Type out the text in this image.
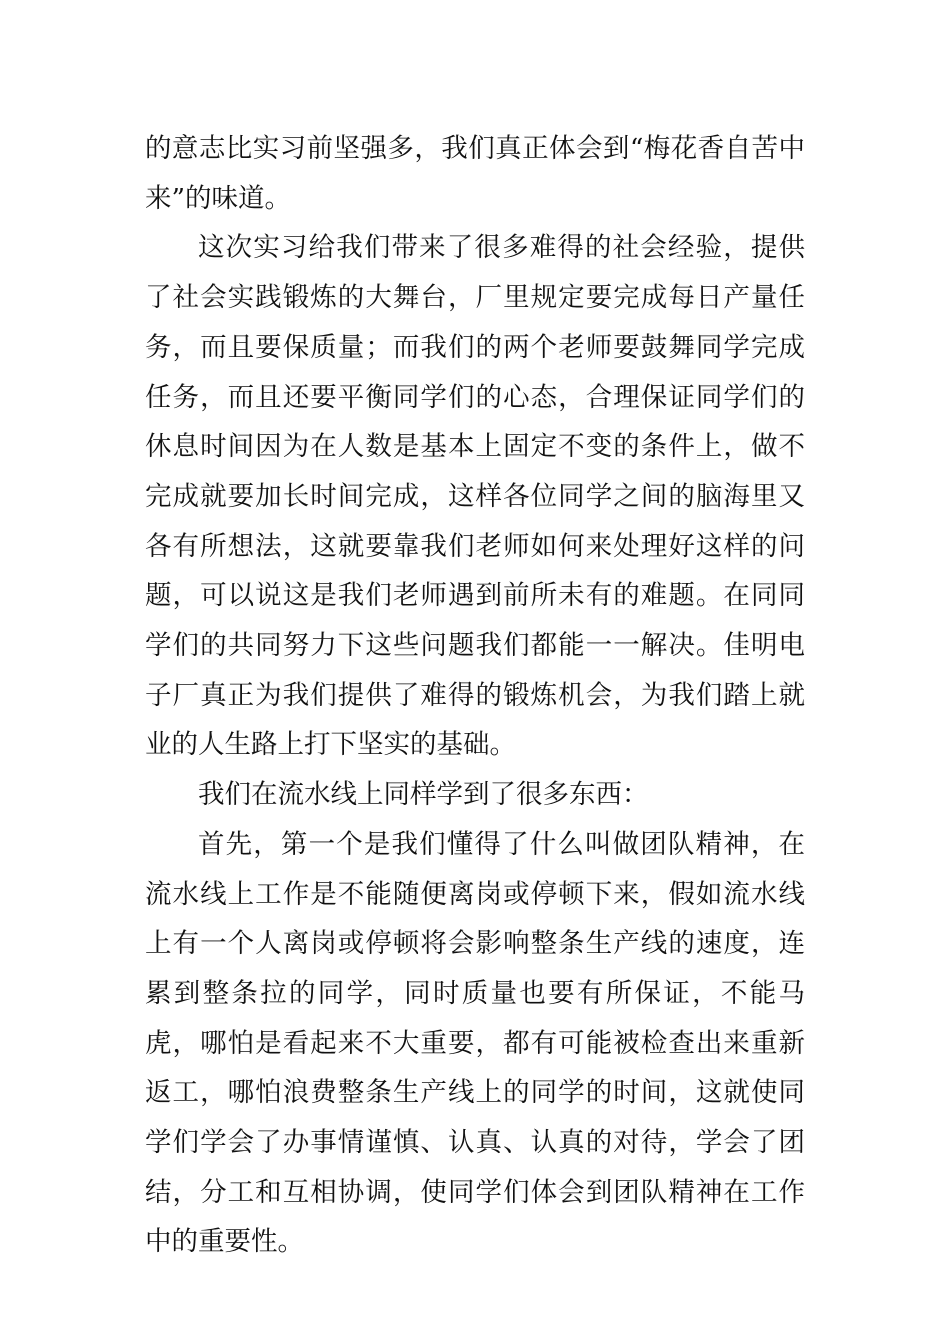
的意志比实习前坚强多，我们真正体会到“梅花香自苦中来”的味道。

这次实习给我们带来了很多难得的社会经验，提供了社会实践锻炼的大舞台，厂里规定要完成每日产量任务，而且要保质量；而我们的两个老师要鼓舞同学完成任务，而且还要平衡同学们的心态，合理保证同学们的休息时间因为在人数是基本上固定不变的条件上，做不完成就要加长时间完成，这样各位同学之间的脑海里又各有所想法，这就要靠我们老师如何来处理好这样的问题，可以说这是我们老师遇到前所未有的难题。在同同学们的共同努力下这些问题我们都能一一解决。佳明电子厂真正为我们提供了难得的锻炼机会，为我们踏上就业的人生路上打下坚实的基础。

我们在流水线上同样学到了很多东西：

首先，第一个是我们懂得了什么叫做团队精神，在流水线上工作是不能随便离岗或停顿下来，假如流水线上有一个人离岗或停顿将会影响整条生产线的速度，连累到整条拉的同学，同时质量也要有所保证，不能马虎，哪怕是看起来不大重要，都有可能被检查出来重新返工，哪怕浪费整条生产线上的同学的时间，这就使同学们学会了办事情谨慎、认真、认真的对待，学会了团结，分工和互相协调，使同学们体会到团队精神在工作中的重要性。
